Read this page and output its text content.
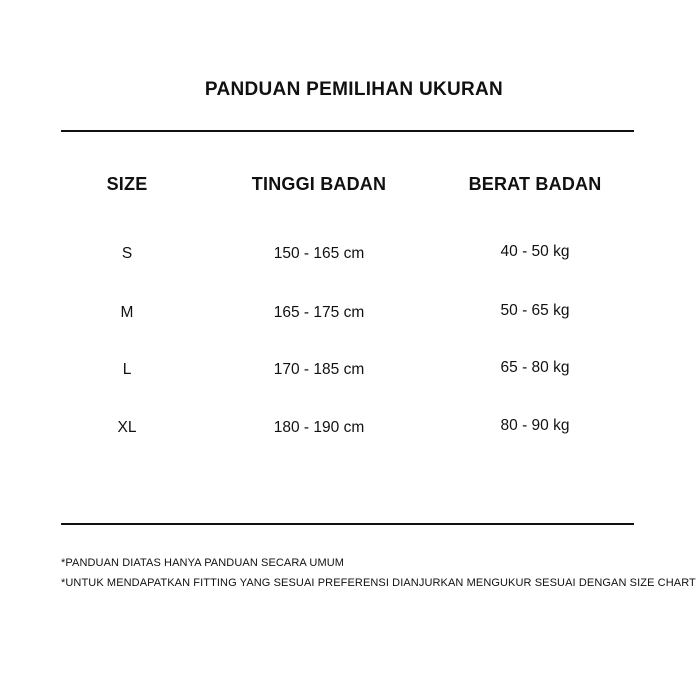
PANDUAN PEMILIHAN UKURAN
SIZE	TINGGI BADAN	BERAT BADAN
S	150 - 165 cm	40 - 50 kg
M	165 - 175 cm	50 - 65 kg
L	170 - 185 cm	65 - 80 kg
XL	180 - 190 cm	80 - 90 kg
*PANDUAN DIATAS HANYA PANDUAN SECARA UMUM
*UNTUK MENDAPATKAN FITTING YANG SESUAI PREFERENSI DIANJURKAN MENGUKUR SESUAI DENGAN SIZE CHART
